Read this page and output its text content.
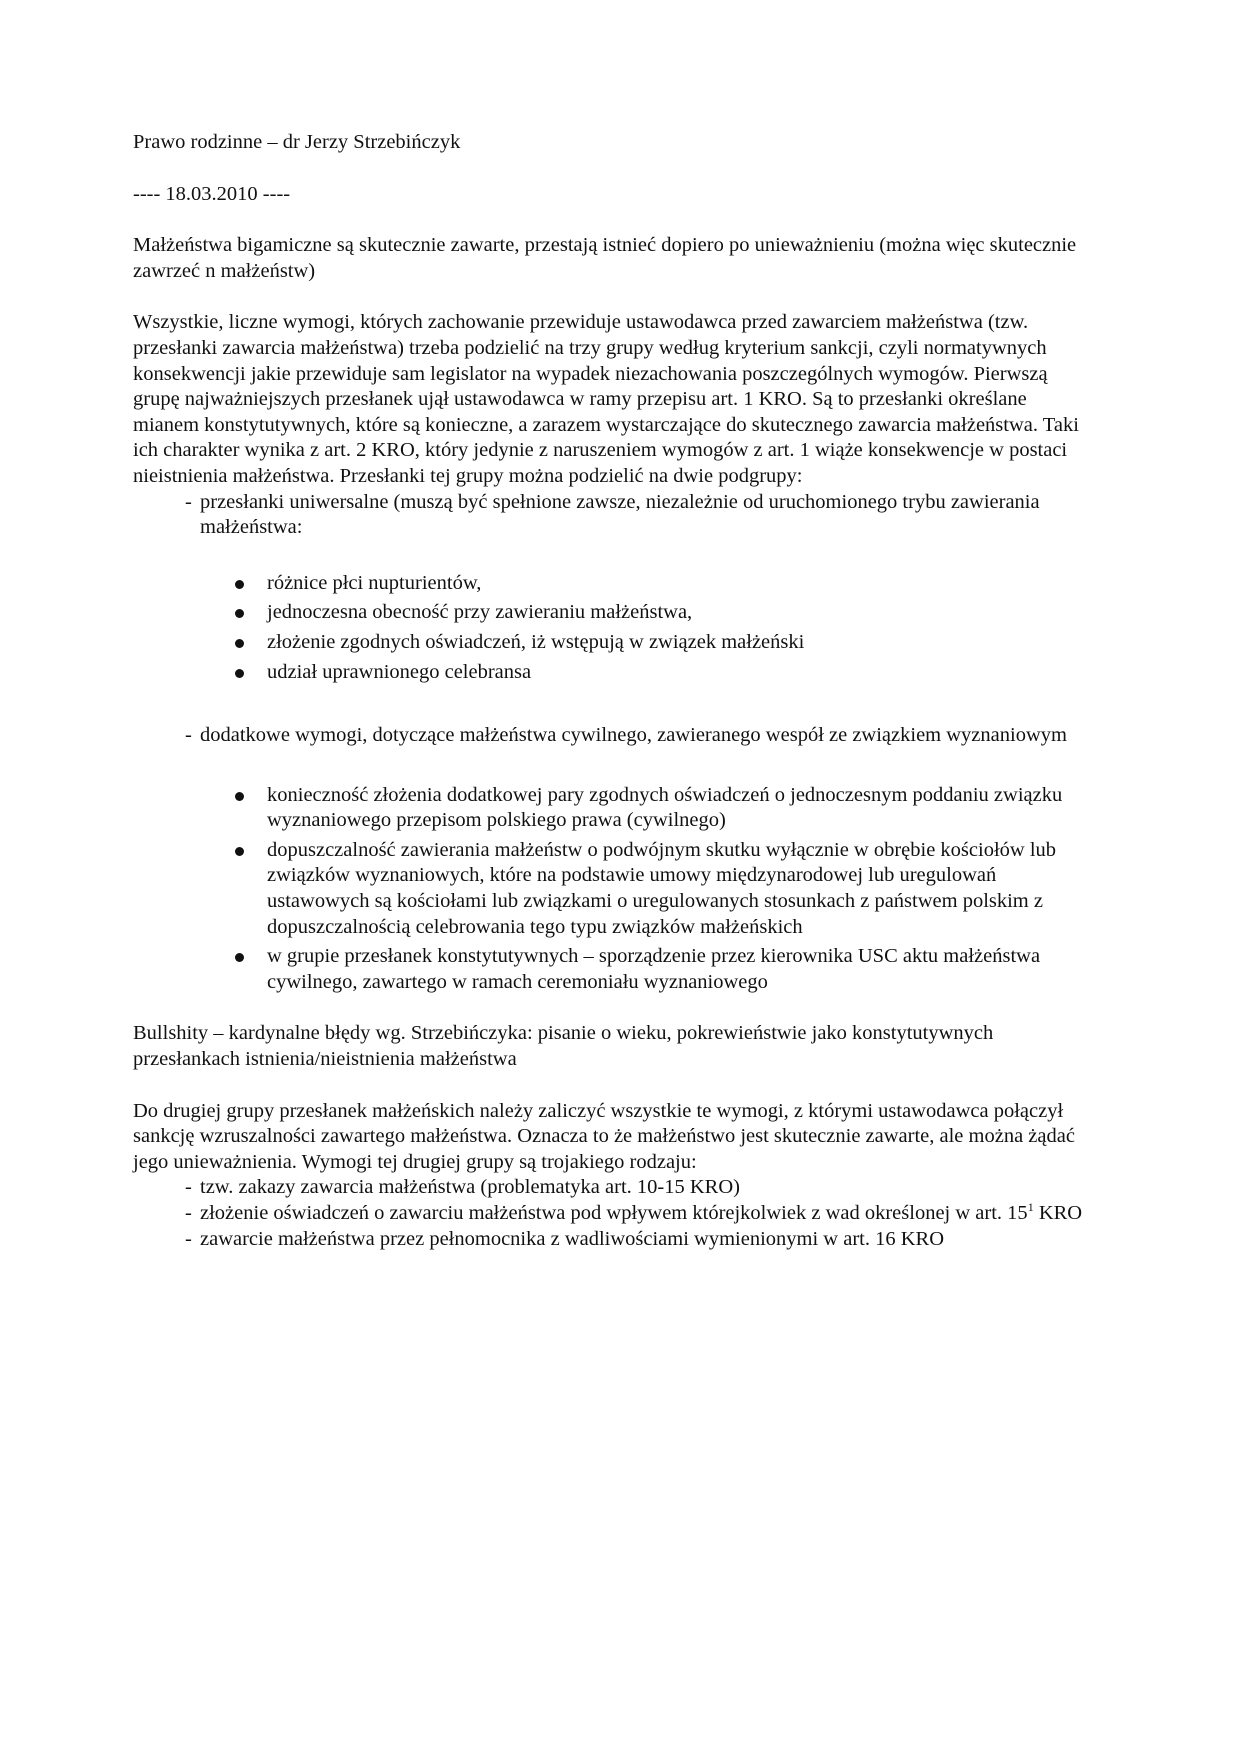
Prawo rodzinne – dr Jerzy Strzebińczyk

---- 18.03.2010 ----

Małżeństwa bigamiczne są skutecznie zawarte, przestają istnieć dopiero po unieważnieniu (można więc skutecznie zawrzeć n małżeństw)

Wszystkie, liczne wymogi, których zachowanie przewiduje ustawodawca przed zawarciem małżeństwa (tzw. przesłanki zawarcia małżeństwa) trzeba podzielić na trzy grupy według kryterium sankcji, czyli normatywnych konsekwencji jakie przewiduje sam legislator na wypadek niezachowania poszczególnych wymogów. Pierwszą grupę najważniejszych przesłanek ujął ustawodawca w ramy przepisu art. 1 KRO. Są to przesłanki określane mianem konstytutywnych, które są konieczne, a zarazem wystarczające do skutecznego zawarcia małżeństwa. Taki ich charakter wynika z art. 2 KRO, który jedynie z naruszeniem wymogów z art. 1 wiąże konsekwencje w postaci nieistnienia małżeństwa. Przesłanki tej grupy można podzielić na dwie podgrupy:

- przesłanki uniwersalne (muszą być spełnione zawsze, niezależnie od uruchomionego trybu zawierania małżeństwa:
różnice płci nupturientów,
jednoczesna obecność przy zawieraniu małżeństwa,
złożenie zgodnych oświadczeń, iż wstępują w związek małżeński
udział uprawnionego celebransa
- dodatkowe wymogi, dotyczące małżeństwa cywilnego, zawieranego wespół ze związkiem wyznaniowym
konieczność złożenia dodatkowej pary zgodnych oświadczeń o jednoczesnym poddaniu związku wyznaniowego przepisom polskiego prawa (cywilnego)
dopuszczalność zawierania małżeństw o podwójnym skutku wyłącznie w obrębie kościołów lub związków wyznaniowych, które na podstawie umowy międzynarodowej lub uregulowań ustawowych są kościołami lub związkami o uregulowanych stosunkach z państwem polskim z dopuszczalnością celebrowania tego typu związków małżeńskich
w grupie przesłanek konstytutywnych – sporządzenie przez kierownika USC aktu małżeństwa cywilnego, zawartego w ramach ceremoniału wyznaniowego

Bullshity – kardynalne błędy wg. Strzebińczyka: pisanie o wieku, pokrewieństwie jako konstytutywnych przesłankach istnienia/nieistnienia małżeństwa

Do drugiej grupy przesłanek małżeńskich należy zaliczyć wszystkie te wymogi, z którymi ustawodawca połączył sankcję wzruszalności zawartego małżeństwa. Oznacza to że małżeństwo jest skutecznie zawarte, ale można żądać jego unieważnienia. Wymogi tej drugiej grupy są trojakiego rodzaju:

- tzw. zakazy zawarcia małżeństwa (problematyka art. 10-15 KRO)
- złożenie oświadczeń o zawarciu małżeństwa pod wpływem którejkolwiek z wad określonej w art. $15^1$ KRO
- zawarcie małżeństwa przez pełnomocnika z wadliwościami wymienionymi w art. 16 KRO
